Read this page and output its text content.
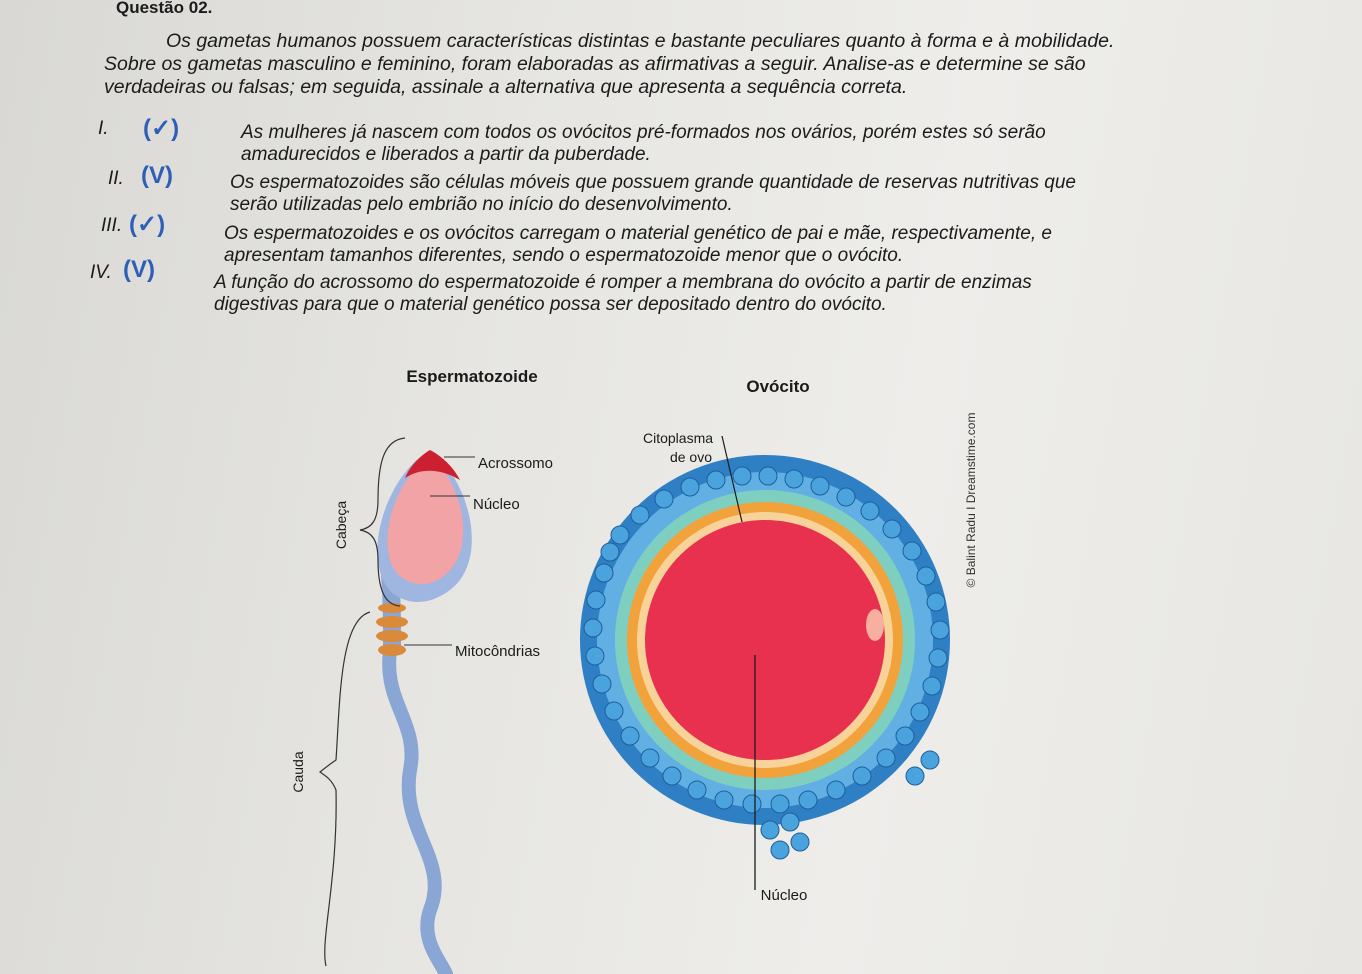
Questão 02.
Os gametas humanos possuem características distintas e bastante peculiares quanto à forma e à mobilidade.
Sobre os gametas masculino e feminino, foram elaboradas as afirmativas a seguir. Analise-as e determine se são
verdadeiras ou falsas; em seguida, assinale a alternativa que apresenta a sequência correta.
I. (✓)	As mulheres já nascem com todos os ovócitos pré-formados nos ovários, porém estes só serão
amadurecidos e liberados a partir da puberdade.
II. (V)	Os espermatozoides são células móveis que possuem grande quantidade de reservas nutritivas que
serão utilizadas pelo embrião no início do desenvolvimento.
III. (✓)	Os espermatozoides e os ovócitos carregam o material genético de pai e mãe, respectivamente, e
apresentam tamanhos diferentes, sendo o espermatozoide menor que o ovócito.
IV. (V)	A função do acrossomo do espermatozoide é romper a membrana do ovócito a partir de enzimas
digestivas para que o material genético possa ser depositado dentro do ovócito.
Espermatozoide
Ovócito
Acrossomo
Núcleo
Mitocôndrias
Cabeça
Cauda
Citoplasma
de ovo
Núcleo
© Balint Radu I Dreamstime.com
